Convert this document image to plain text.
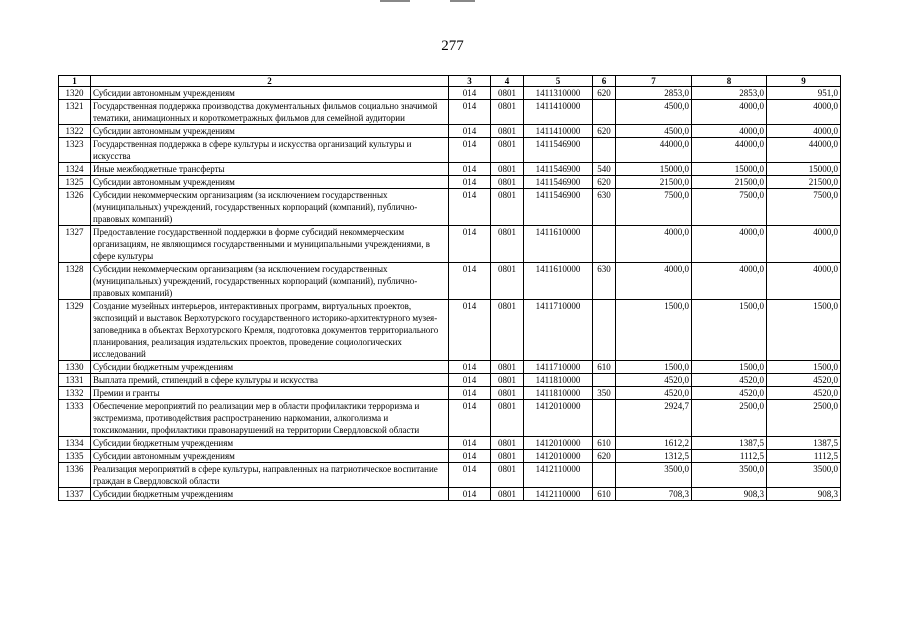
277
1	2	3	4	5	6	7	8	9
1320	Субсидии автономным учреждениям	014	0801	1411310000	620	2853,0	2853,0	951,0
1321	Государственная поддержка производства документальных фильмов социально значимой тематики, анимационных и короткометражных фильмов для семейной аудитории	014	0801	1411410000		4500,0	4000,0	4000,0
1322	Субсидии автономным учреждениям	014	0801	1411410000	620	4500,0	4000,0	4000,0
1323	Государственная поддержка в сфере культуры и искусства организаций культуры и искусства	014	0801	1411546900		44000,0	44000,0	44000,0
1324	Иные межбюджетные трансферты	014	0801	1411546900	540	15000,0	15000,0	15000,0
1325	Субсидии автономным учреждениям	014	0801	1411546900	620	21500,0	21500,0	21500,0
1326	Субсидии некоммерческим организациям (за исключением государственных (муниципальных) учреждений, государственных корпораций (компаний), публично-правовых компаний)	014	0801	1411546900	630	7500,0	7500,0	7500,0
1327	Предоставление государственной поддержки в форме субсидий некоммерческим организациям, не являющимся государственными и муниципальными учреждениями, в сфере культуры	014	0801	1411610000		4000,0	4000,0	4000,0
1328	Субсидии некоммерческим организациям (за исключением государственных (муниципальных) учреждений, государственных корпораций (компаний), публично-правовых компаний)	014	0801	1411610000	630	4000,0	4000,0	4000,0
1329	Создание музейных интерьеров, интерактивных программ, виртуальных проектов, экспозиций и выставок Верхотурского государственного историко-архитектурного музея-заповедника в объектах Верхотурского Кремля, подготовка документов территориального планирования, реализация издательских проектов, проведение социологических исследований	014	0801	1411710000		1500,0	1500,0	1500,0
1330	Субсидии бюджетным учреждениям	014	0801	1411710000	610	1500,0	1500,0	1500,0
1331	Выплата премий, стипендий в сфере культуры и искусства	014	0801	1411810000		4520,0	4520,0	4520,0
1332	Премии и гранты	014	0801	1411810000	350	4520,0	4520,0	4520,0
1333	Обеспечение мероприятий по реализации мер в области профилактики терроризма и экстремизма, противодействия распространению наркомании, алкоголизма и токсикомании, профилактики правонарушений на территории Свердловской области	014	0801	1412010000		2924,7	2500,0	2500,0
1334	Субсидии бюджетным учреждениям	014	0801	1412010000	610	1612,2	1387,5	1387,5
1335	Субсидии автономным учреждениям	014	0801	1412010000	620	1312,5	1112,5	1112,5
1336	Реализация мероприятий в сфере культуры, направленных на патриотическое воспитание граждан в Свердловской области	014	0801	1412110000		3500,0	3500,0	3500,0
1337	Субсидии бюджетным учреждениям	014	0801	1412110000	610	708,3	908,3	908,3
